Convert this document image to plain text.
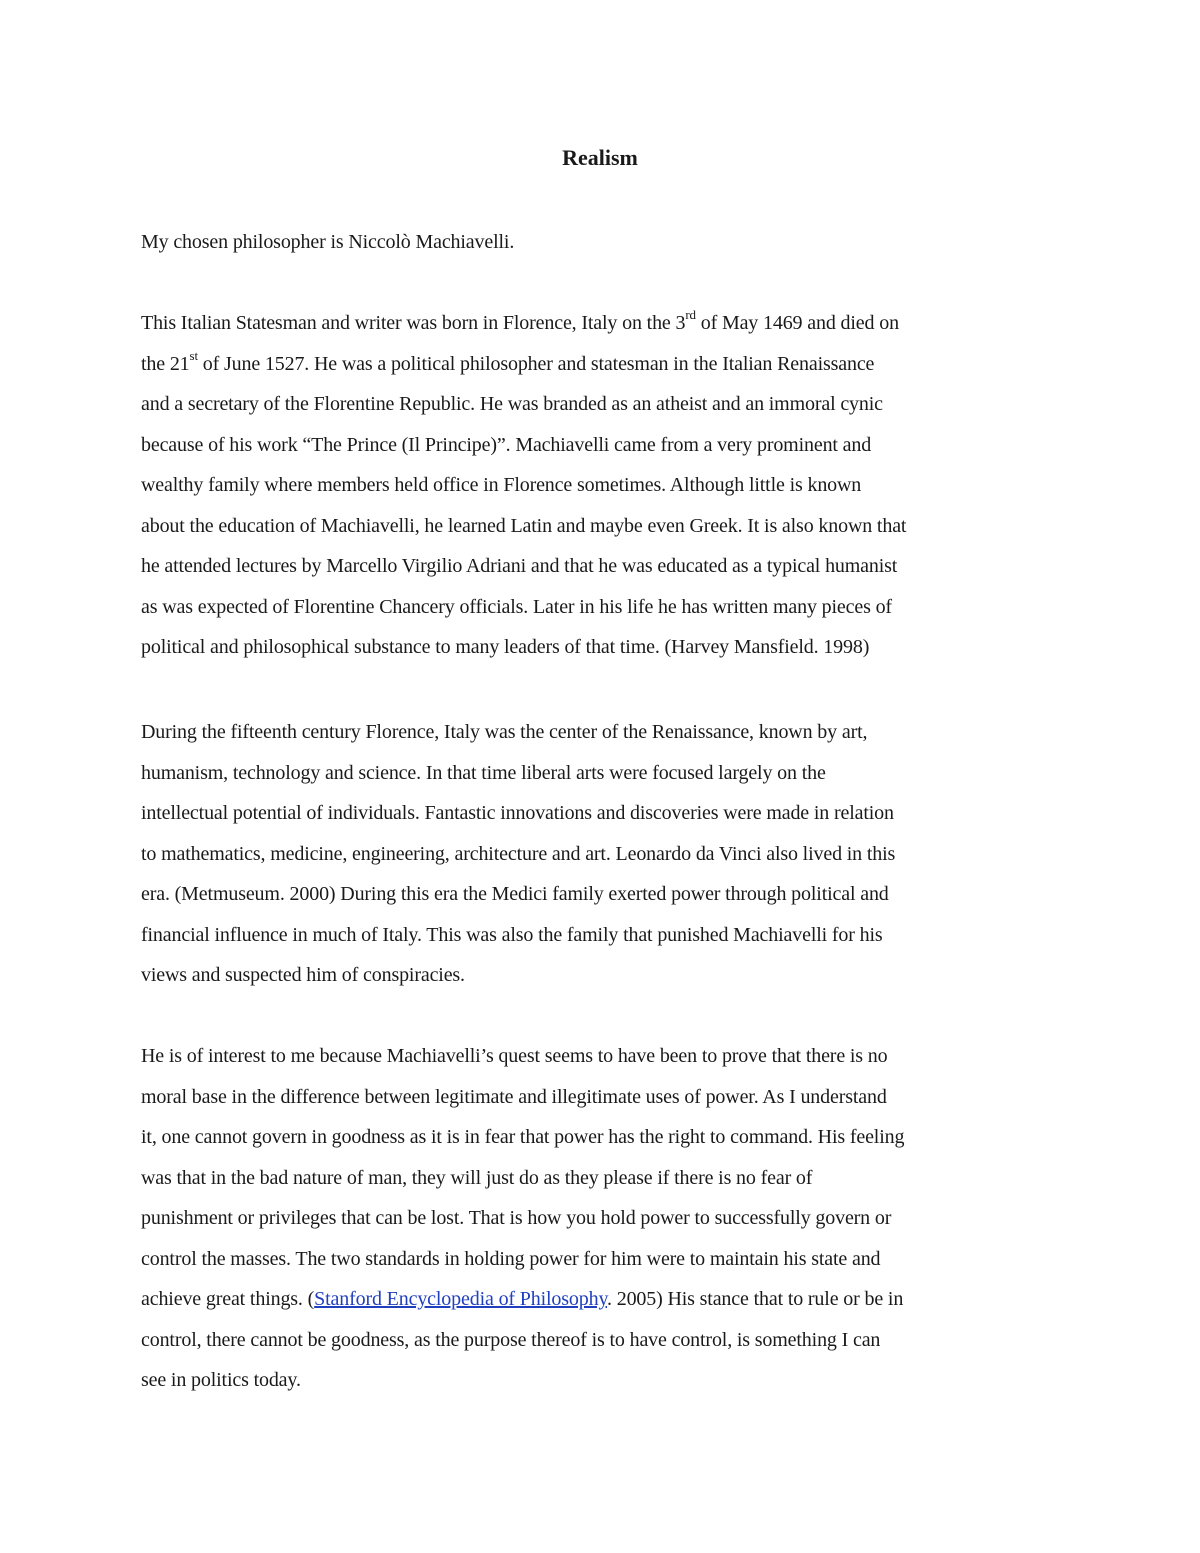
Realism

My chosen philosopher is Niccolò Machiavelli.

This Italian Statesman and writer was born in Florence, Italy on the 3rd of May 1469 and died on
the 21st of June 1527. He was a political philosopher and statesman in the Italian Renaissance
and a secretary of the Florentine Republic. He was branded as an atheist and an immoral cynic
because of his work “The Prince (Il Principe)”. Machiavelli came from a very prominent and
wealthy family where members held office in Florence sometimes. Although little is known
about the education of Machiavelli, he learned Latin and maybe even Greek. It is also known that
he attended lectures by Marcello Virgilio Adriani and that he was educated as a typical humanist
as was expected of Florentine Chancery officials. Later in his life he has written many pieces of
political and philosophical substance to many leaders of that time. (Harvey Mansfield. 1998)

During the fifteenth century Florence, Italy was the center of the Renaissance, known by art,
humanism, technology and science. In that time liberal arts were focused largely on the
intellectual potential of individuals. Fantastic innovations and discoveries were made in relation
to mathematics, medicine, engineering, architecture and art. Leonardo da Vinci also lived in this
era. (Metmuseum. 2000) During this era the Medici family exerted power through political and
financial influence in much of Italy. This was also the family that punished Machiavelli for his
views and suspected him of conspiracies.

He is of interest to me because Machiavelli’s quest seems to have been to prove that there is no
moral base in the difference between legitimate and illegitimate uses of power. As I understand
it, one cannot govern in goodness as it is in fear that power has the right to command. His feeling
was that in the bad nature of man, they will just do as they please if there is no fear of
punishment or privileges that can be lost. That is how you hold power to successfully govern or
control the masses. The two standards in holding power for him were to maintain his state and
achieve great things. (Stanford Encyclopedia of Philosophy. 2005) His stance that to rule or be in
control, there cannot be goodness, as the purpose thereof is to have control, is something I can
see in politics today.
